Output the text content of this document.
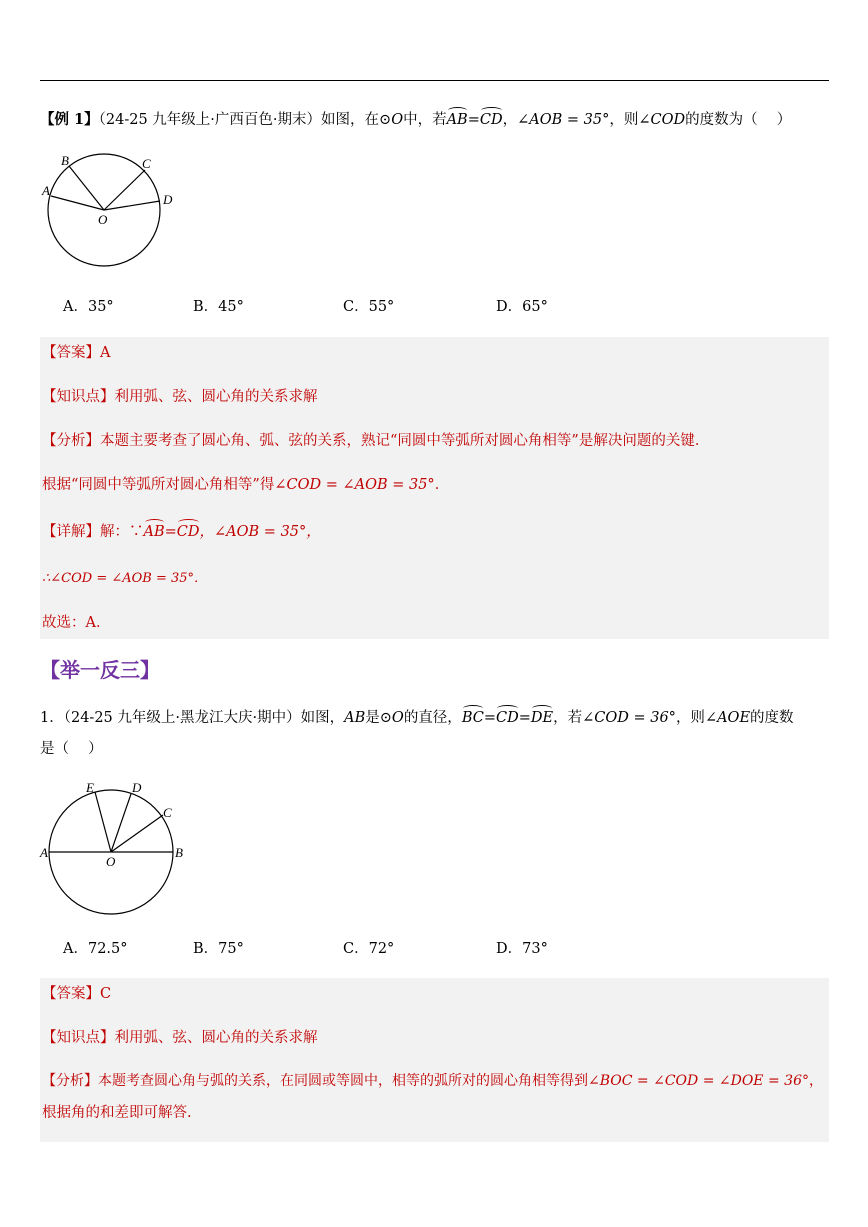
【例 1】（24-25 九年级上·广西百色·期末）如图，在⊙O中，若AB=CD，∠AOB = 35°，则∠COD的度数为（　 ）
A
B	C
D
O
A．35°	B．45°	C．55°	D．65°
【答案】A
【知识点】利用弧、弦、圆心角的关系求解
【分析】本题主要考查了圆心角、弧、弦的关系，熟记“同圆中等弧所对圆心角相等”是解决问题的关键．
根据“同圆中等弧所对圆心角相等”得∠COD = ∠AOB = 35°．
【详解】解：∵AB=CD，∠AOB = 35°，
∴∠COD = ∠AOB = 35°．
故选：A．
【举一反三】
1．（24-25 九年级上·黑龙江大庆·期中）如图，AB是⊙O的直径，BC=CD=DE，若∠COD = 36°，则∠AOE的度数
是（　 ）
A	B
C
D
E
O
A．72.5°	B．75°	C．72°	D．73°
【答案】C
【知识点】利用弧、弦、圆心角的关系求解
【分析】本题考查圆心角与弧的关系，在同圆或等圆中，相等的弧所对的圆心角相等得到∠BOC = ∠COD = ∠DOE = 36°，
根据角的和差即可解答.
